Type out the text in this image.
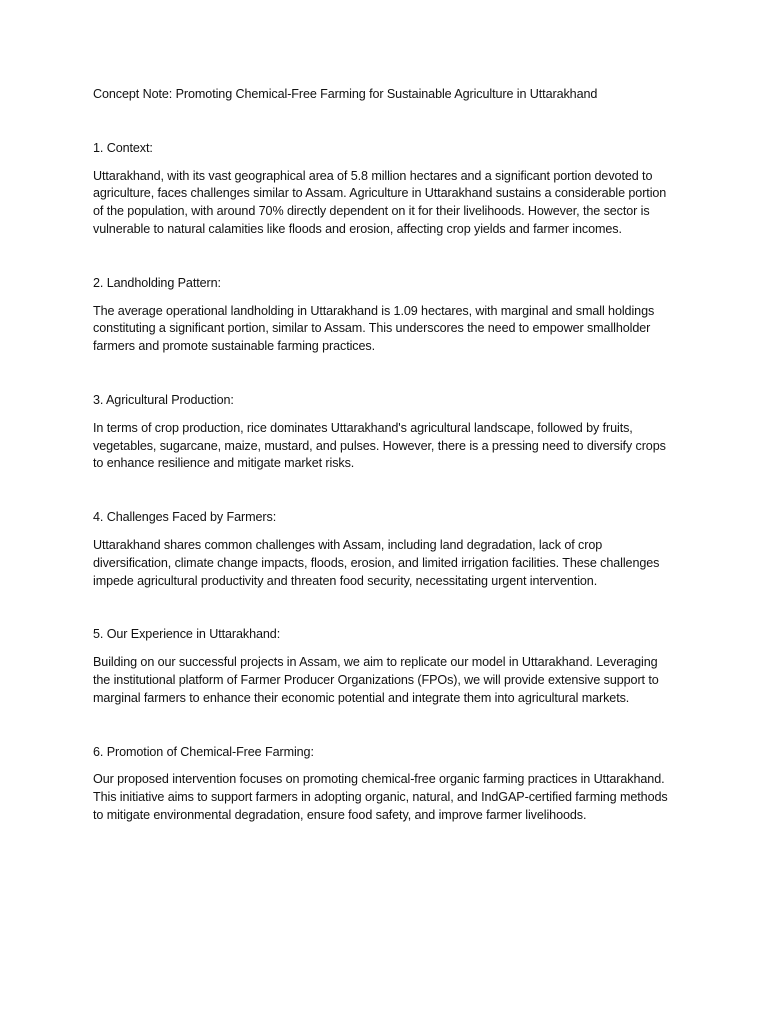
Concept Note: Promoting Chemical-Free Farming for Sustainable Agriculture in Uttarakhand

1. Context:

Uttarakhand, with its vast geographical area of 5.8 million hectares and a significant portion devoted to agriculture, faces challenges similar to Assam. Agriculture in Uttarakhand sustains a considerable portion of the population, with around 70% directly dependent on it for their livelihoods. However, the sector is vulnerable to natural calamities like floods and erosion, affecting crop yields and farmer incomes.

2. Landholding Pattern:

The average operational landholding in Uttarakhand is 1.09 hectares, with marginal and small holdings constituting a significant portion, similar to Assam. This underscores the need to empower smallholder farmers and promote sustainable farming practices.

3. Agricultural Production:

In terms of crop production, rice dominates Uttarakhand's agricultural landscape, followed by fruits, vegetables, sugarcane, maize, mustard, and pulses. However, there is a pressing need to diversify crops to enhance resilience and mitigate market risks.

4. Challenges Faced by Farmers:

Uttarakhand shares common challenges with Assam, including land degradation, lack of crop diversification, climate change impacts, floods, erosion, and limited irrigation facilities. These challenges impede agricultural productivity and threaten food security, necessitating urgent intervention.

5. Our Experience in Uttarakhand:

Building on our successful projects in Assam, we aim to replicate our model in Uttarakhand. Leveraging the institutional platform of Farmer Producer Organizations (FPOs), we will provide extensive support to marginal farmers to enhance their economic potential and integrate them into agricultural markets.

6. Promotion of Chemical-Free Farming:

Our proposed intervention focuses on promoting chemical-free organic farming practices in Uttarakhand. This initiative aims to support farmers in adopting organic, natural, and IndGAP-certified farming methods to mitigate environmental degradation, ensure food safety, and improve farmer livelihoods.
